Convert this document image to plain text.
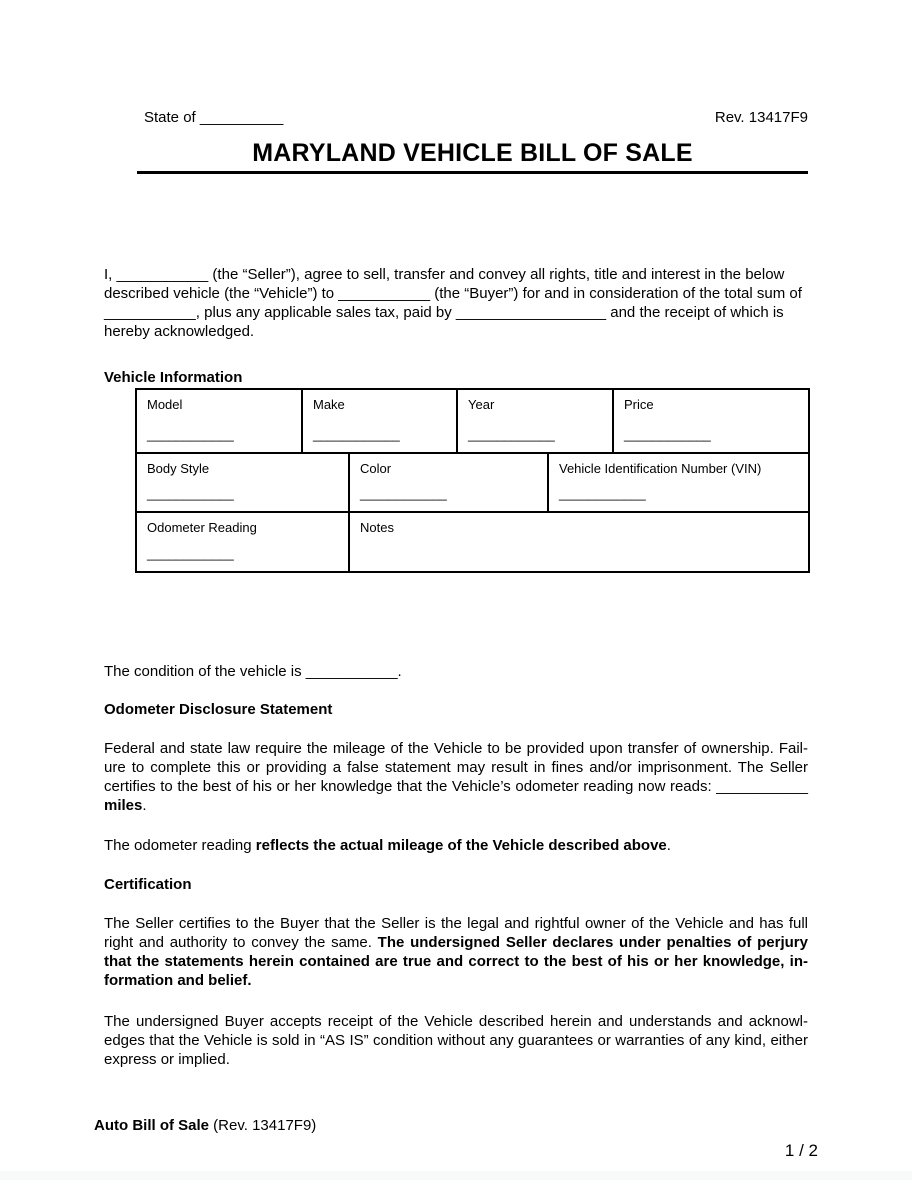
State of __________	Rev. 13417F9
MARYLAND VEHICLE BILL OF SALE

I, ___________ (the “Seller”), agree to sell, transfer and convey all rights, title and interest in the below described vehicle (the “Vehicle”) to ___________ (the “Buyer”) for and in consideration of the total sum of ___________, plus any applicable sales tax, paid by __________________ and the receipt of which is hereby acknowledged.

Vehicle Information
Model
____________
Make
____________
Year
____________
Price
____________
Body Style
____________
Color
____________
Vehicle Identification Number (VIN)
____________
Odometer Reading
____________
Notes

The condition of the vehicle is ___________.

Odometer Disclosure Statement

Federal and state law require the mileage of the Vehicle to be provided upon transfer of ownership. Failure to complete this or providing a false statement may result in fines and/or imprisonment. The Seller certifies to the best of his or her knowledge that the Vehicle’s odometer reading now reads: ___________ miles.

The odometer reading reflects the actual mileage of the Vehicle described above.

Certification

The Seller certifies to the Buyer that the Seller is the legal and rightful owner of the Vehicle and has full right and authority to convey the same. The undersigned Seller declares under penalties of perjury that the statements herein contained are true and correct to the best of his or her knowledge, information and belief.

The undersigned Buyer accepts receipt of the Vehicle described herein and understands and acknowledges that the Vehicle is sold in “AS IS” condition without any guarantees or warranties of any kind, either express or implied.

Auto Bill of Sale (Rev. 13417F9)
1 / 2
